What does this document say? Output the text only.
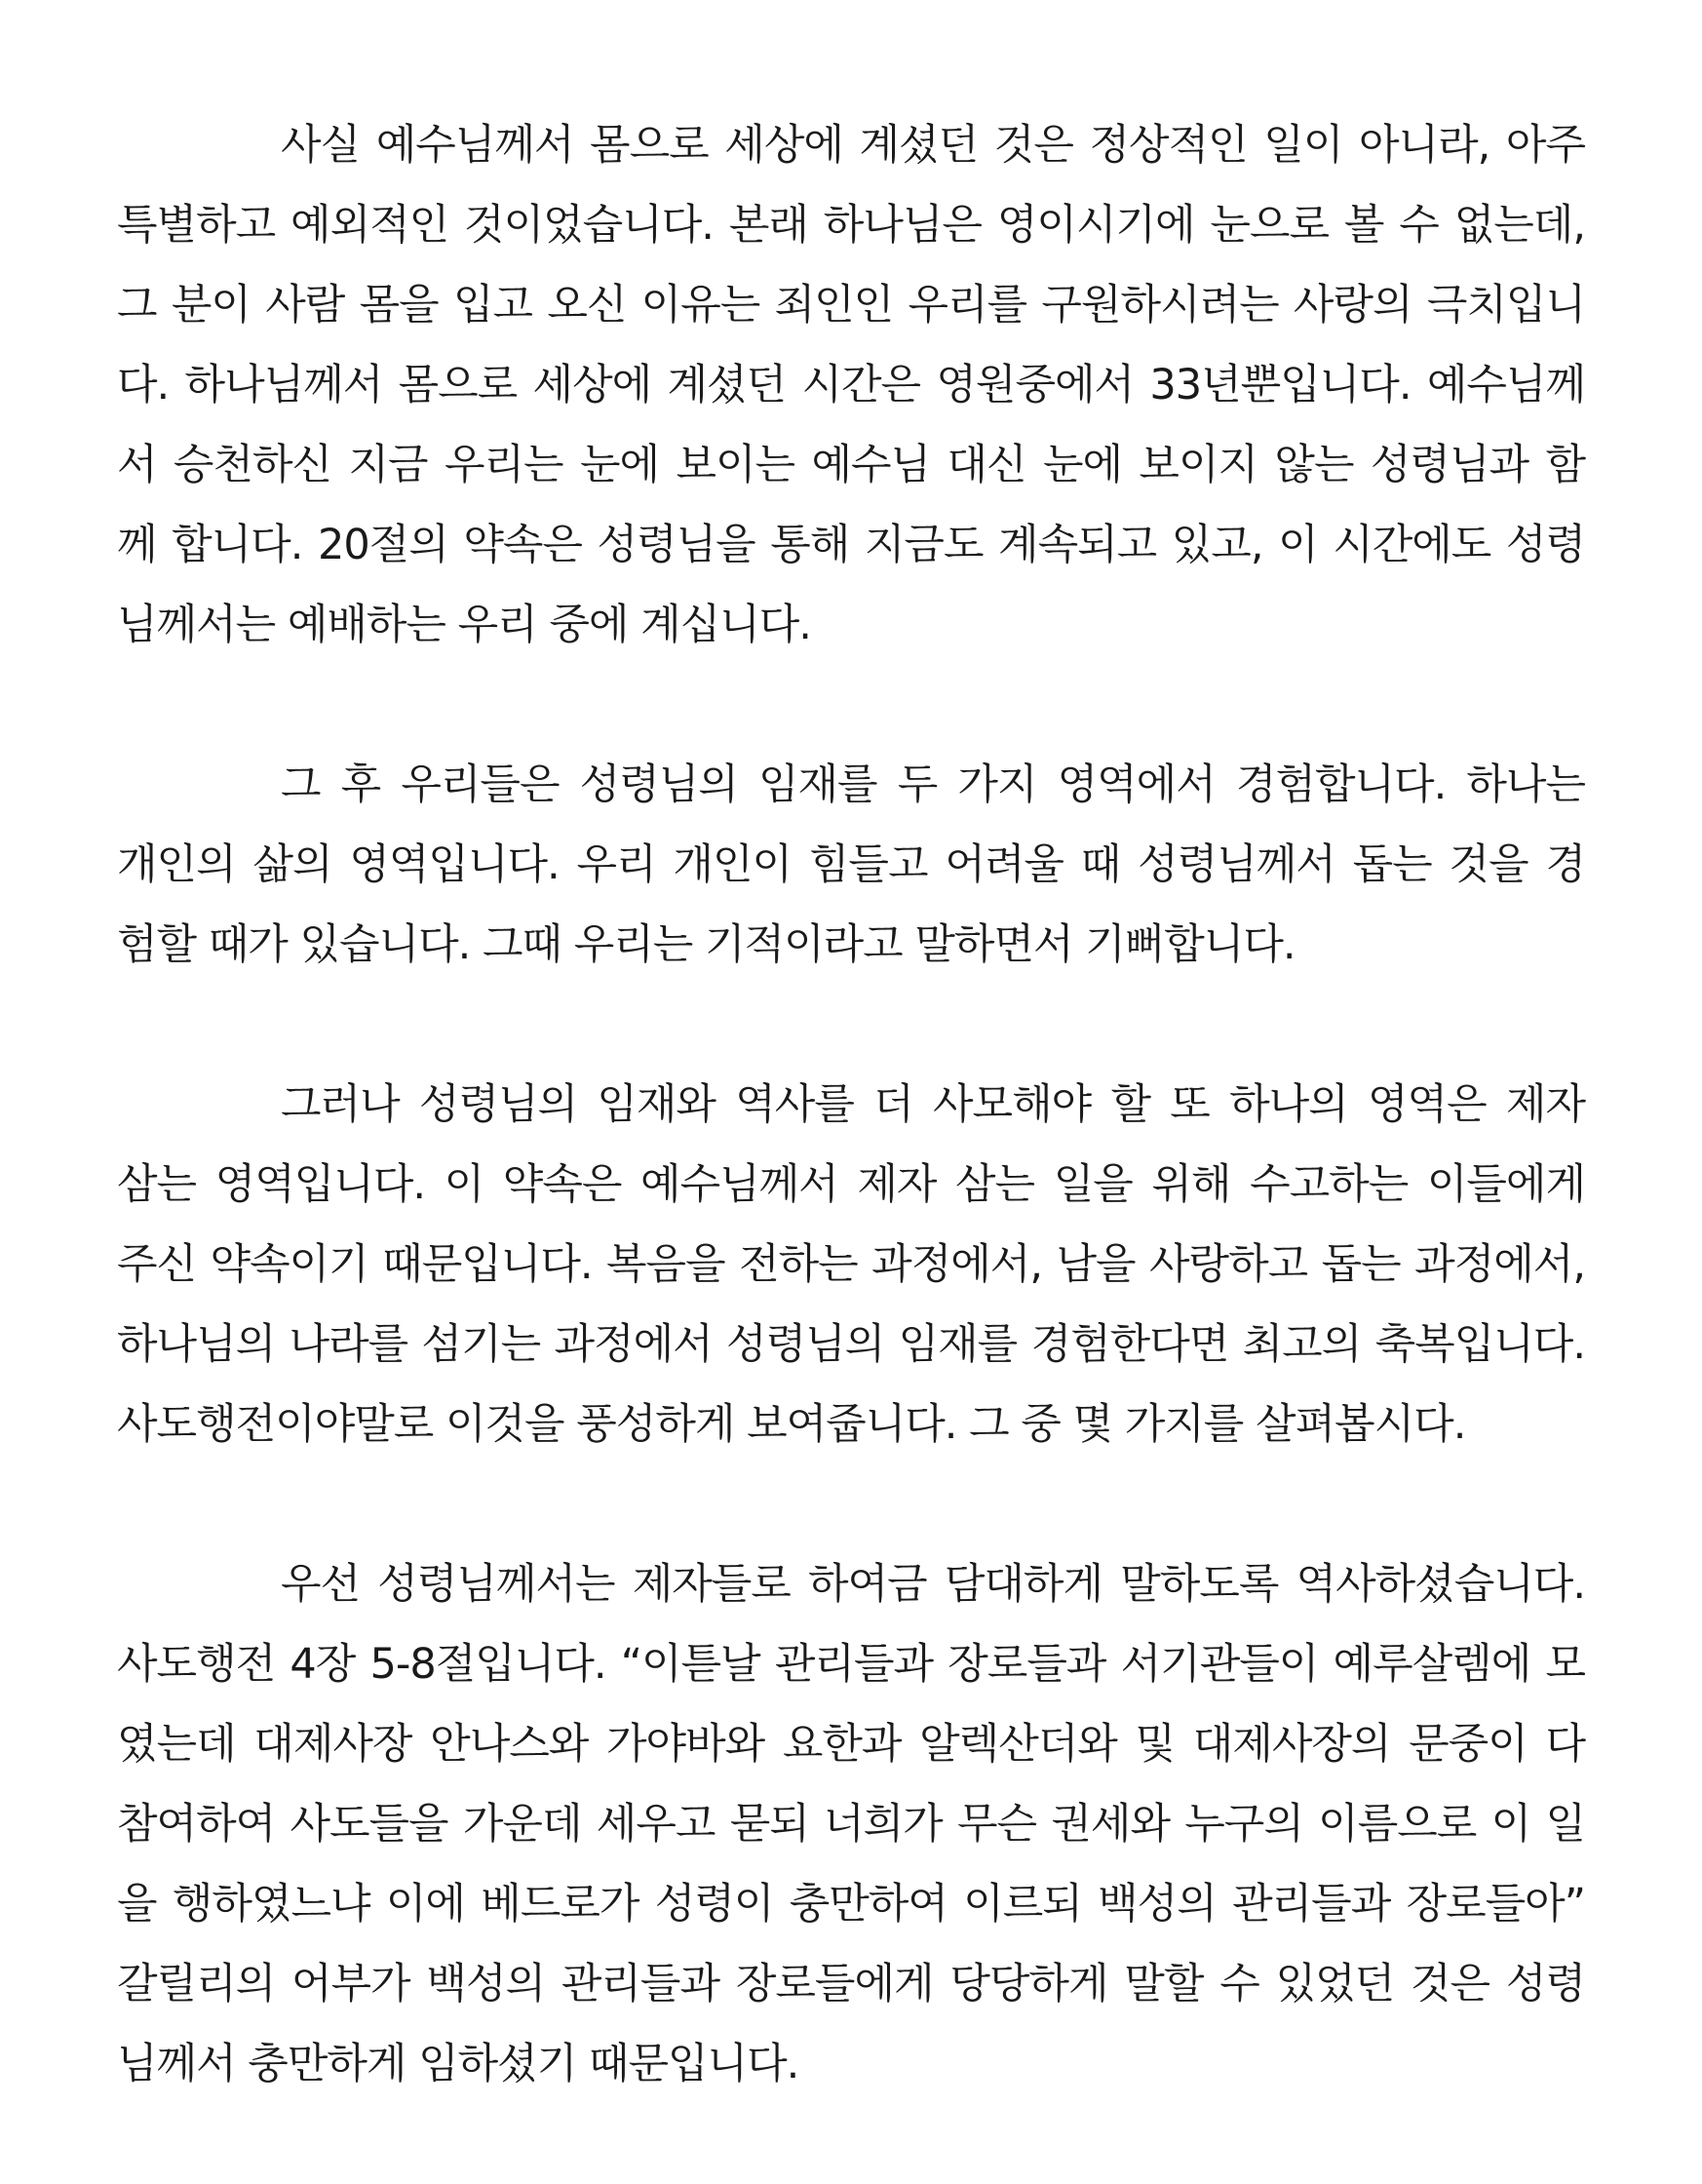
사실 예수님께서 몸으로 세상에 계셨던 것은 정상적인 일이 아니라, 아주
특별하고 예외적인 것이었습니다. 본래 하나님은 영이시기에 눈으로 볼 수 없는데,
그 분이 사람 몸을 입고 오신 이유는 죄인인 우리를 구원하시려는 사랑의 극치입니
다. 하나님께서 몸으로 세상에 계셨던 시간은 영원중에서 33년뿐입니다. 예수님께
서 승천하신 지금 우리는 눈에 보이는 예수님 대신 눈에 보이지 않는 성령님과 함
께 합니다. 20절의 약속은 성령님을 통해 지금도 계속되고 있고, 이 시간에도 성령
님께서는 예배하는 우리 중에 계십니다.
그 후 우리들은 성령님의 임재를 두 가지 영역에서 경험합니다. 하나는
개인의 삶의 영역입니다. 우리 개인이 힘들고 어려울 때 성령님께서 돕는 것을 경
험할 때가 있습니다. 그때 우리는 기적이라고 말하면서 기뻐합니다.
그러나 성령님의 임재와 역사를 더 사모해야 할 또 하나의 영역은 제자
삼는 영역입니다. 이 약속은 예수님께서 제자 삼는 일을 위해 수고하는 이들에게
주신 약속이기 때문입니다. 복음을 전하는 과정에서, 남을 사랑하고 돕는 과정에서,
하나님의 나라를 섬기는 과정에서 성령님의 임재를 경험한다면 최고의 축복입니다.
사도행전이야말로 이것을 풍성하게 보여줍니다. 그 중 몇 가지를 살펴봅시다.
우선 성령님께서는 제자들로 하여금 담대하게 말하도록 역사하셨습니다.
사도행전 4장 5-8절입니다. “이튿날 관리들과 장로들과 서기관들이 예루살렘에 모
였는데 대제사장 안나스와 가야바와 요한과 알렉산더와 및 대제사장의 문중이 다
참여하여 사도들을 가운데 세우고 묻되 너희가 무슨 권세와 누구의 이름으로 이 일
을 행하였느냐 이에 베드로가 성령이 충만하여 이르되 백성의 관리들과 장로들아”
갈릴리의 어부가 백성의 관리들과 장로들에게 당당하게 말할 수 있었던 것은 성령
님께서 충만하게 임하셨기 때문입니다.
